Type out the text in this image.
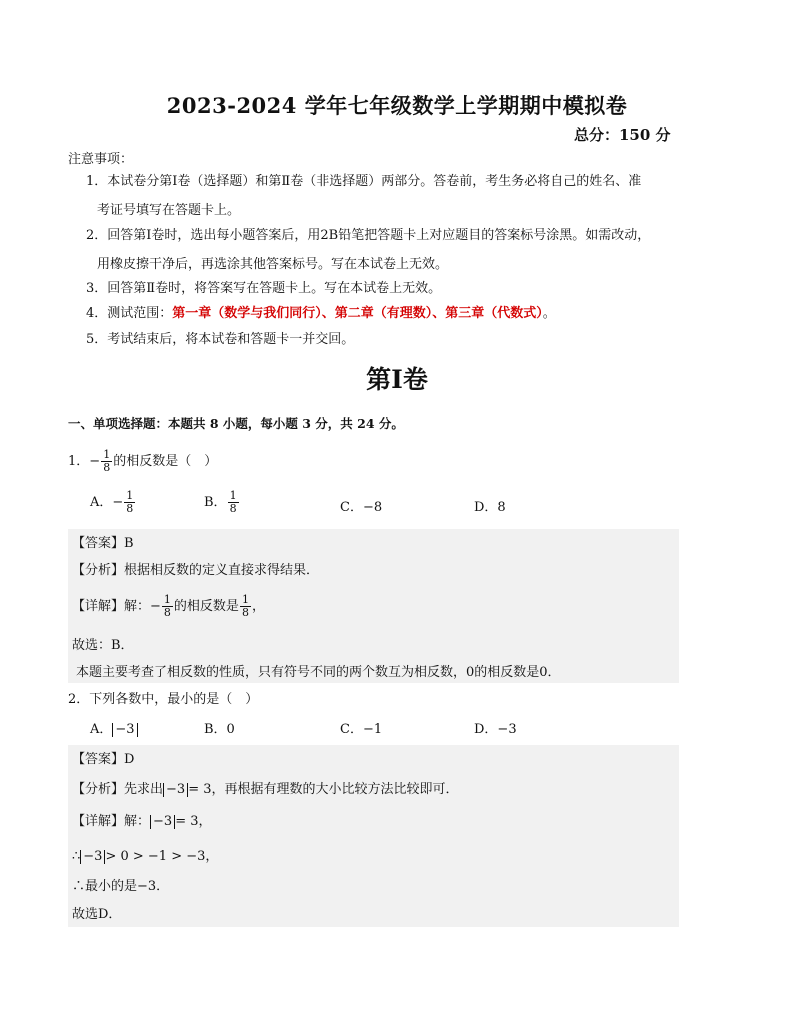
2023-2024 学年七年级数学上学期期中模拟卷
总分：150 分
注意事项：
1．本试卷分第Ⅰ卷（选择题）和第Ⅱ卷（非选择题）两部分。答卷前，考生务必将自己的姓名、准
考证号填写在答题卡上。
2．回答第Ⅰ卷时，选出每小题答案后，用2B铅笔把答题卡上对应题目的答案标号涂黑。如需改动，
用橡皮擦干净后，再选涂其他答案标号。写在本试卷上无效。
3．回答第Ⅱ卷时，将答案写在答题卡上。写在本试卷上无效。
4．测试范围：第一章（数学与我们同行）、第二章（有理数）、第三章（代数式）。
5．考试结束后，将本试卷和答题卡一并交回。
第Ⅰ卷
一、单项选择题：本题共 8 小题，每小题 3 分，共 24 分。
1．− $\frac{1}{8}$ 的相反数是（　）
A．− $\frac{1}{8}$	B． $\frac{1}{8}$	C．−8	D．8
【答案】B
【分析】根据相反数的定义直接求得结果．
【详解】解：− $\frac{1}{8}$ 的相反数是 $\frac{1}{8}$ ，
故选：B．
本题主要考查了相反数的性质，只有符号不同的两个数互为相反数，0的相反数是0．
2．下列各数中，最小的是（　）
A． −3	B．0	C．−1	D．−3
【答案】D
【分析】先求出 −3 = 3，再根据有理数的大小比较方法比较即可．
【详解】解： −3 = 3，
∴ −3 > 0 > −1 > −3，
∴最小的是−3．
故选D．
